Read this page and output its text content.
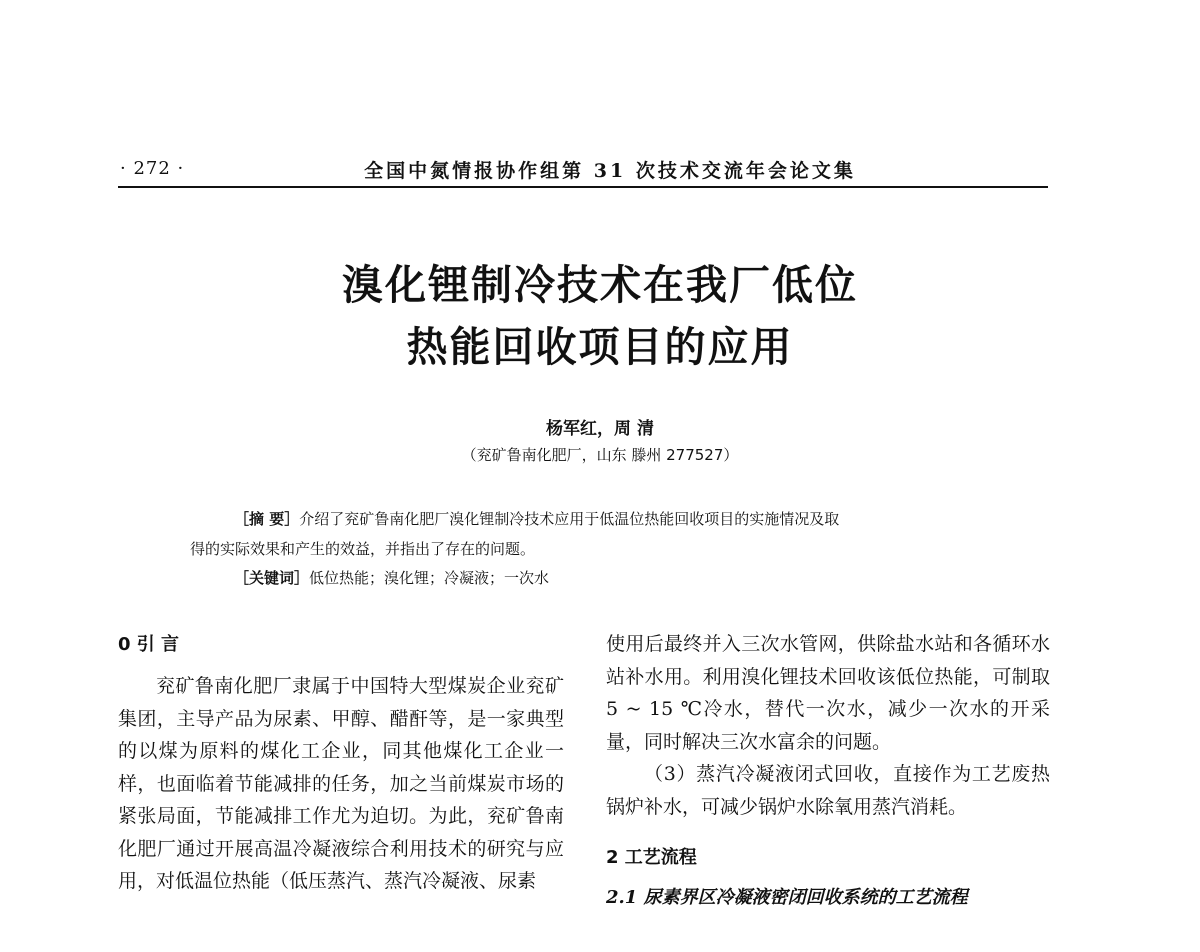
· 272 ·	全国中氮情报协作组第 31 次技术交流年会论文集
溴化锂制冷技术在我厂低位
热能回收项目的应用
杨军红，周 清
（兖矿鲁南化肥厂，山东 滕州 277527）
［摘 要］介绍了兖矿鲁南化肥厂溴化锂制冷技术应用于低温位热能回收项目的实施情况及取
得的实际效果和产生的效益，并指出了存在的问题。
［关键词］低位热能；溴化锂；冷凝液；一次水
0 引 言

兖矿鲁南化肥厂隶属于中国特大型煤炭企业兖矿集团，主导产品为尿素、甲醇、醋酐等，是一家典型的以煤为原料的煤化工企业，同其他煤化工企业一样，也面临着节能减排的任务，加之当前煤炭市场的紧张局面，节能减排工作尤为迫切。为此，兖矿鲁南化肥厂通过开展高温冷凝液综合利用技术的研究与应用，对低温位热能（低压蒸汽、蒸汽冷凝液、尿素

使用后最终并入三次水管网，供除盐水站和各循环水站补水用。利用溴化锂技术回收该低位热能，可制取 5 ~ 15 ℃冷水，替代一次水，减少一次水的开采量，同时解决三次水富余的问题。

（3）蒸汽冷凝液闭式回收，直接作为工艺废热锅炉补水，可减少锅炉水除氧用蒸汽消耗。

2 工艺流程
2.1 尿素界区冷凝液密闭回收系统的工艺流程
